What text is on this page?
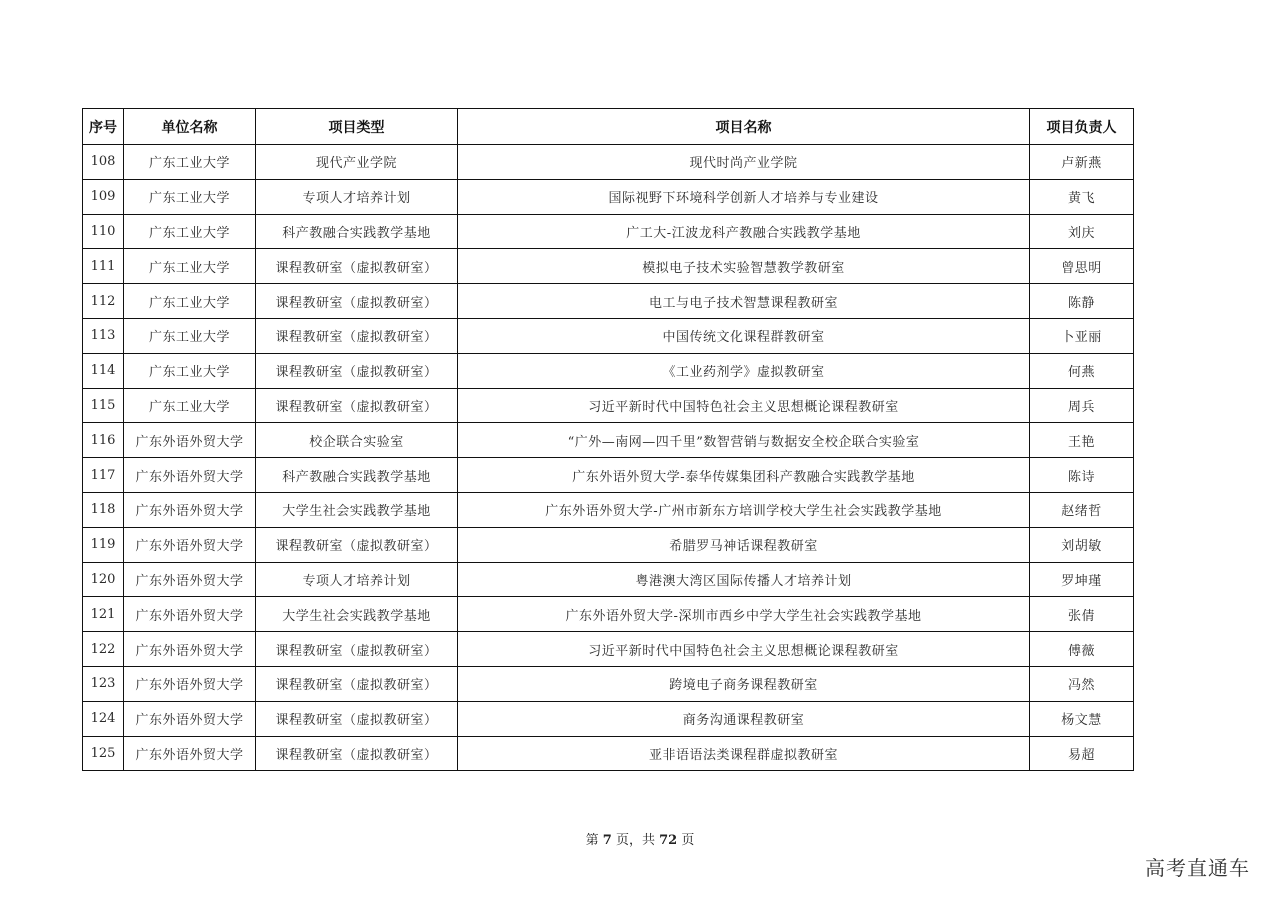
序号	单位名称	项目类型	项目名称	项目负责人
108	广东工业大学	现代产业学院	现代时尚产业学院	卢新燕
109	广东工业大学	专项人才培养计划	国际视野下环境科学创新人才培养与专业建设	黄飞
110	广东工业大学	科产教融合实践教学基地	广工大-江波龙科产教融合实践教学基地	刘庆
111	广东工业大学	课程教研室（虚拟教研室）	模拟电子技术实验智慧教学教研室	曾思明
112	广东工业大学	课程教研室（虚拟教研室）	电工与电子技术智慧课程教研室	陈静
113	广东工业大学	课程教研室（虚拟教研室）	中国传统文化课程群教研室	卜亚丽
114	广东工业大学	课程教研室（虚拟教研室）	《工业药剂学》虚拟教研室	何燕
115	广东工业大学	课程教研室（虚拟教研室）	习近平新时代中国特色社会主义思想概论课程教研室	周兵
116	广东外语外贸大学	校企联合实验室	“广外—南网—四千里”数智营销与数据安全校企联合实验室	王艳
117	广东外语外贸大学	科产教融合实践教学基地	广东外语外贸大学-泰华传媒集团科产教融合实践教学基地	陈诗
118	广东外语外贸大学	大学生社会实践教学基地	广东外语外贸大学-广州市新东方培训学校大学生社会实践教学基地	赵绪哲
119	广东外语外贸大学	课程教研室（虚拟教研室）	希腊罗马神话课程教研室	刘胡敏
120	广东外语外贸大学	专项人才培养计划	粤港澳大湾区国际传播人才培养计划	罗坤瑾
121	广东外语外贸大学	大学生社会实践教学基地	广东外语外贸大学-深圳市西乡中学大学生社会实践教学基地	张倩
122	广东外语外贸大学	课程教研室（虚拟教研室）	习近平新时代中国特色社会主义思想概论课程教研室	傅薇
123	广东外语外贸大学	课程教研室（虚拟教研室）	跨境电子商务课程教研室	冯然
124	广东外语外贸大学	课程教研室（虚拟教研室）	商务沟通课程教研室	杨文慧
125	广东外语外贸大学	课程教研室（虚拟教研室）	亚非语语法类课程群虚拟教研室	易超
第 7 页，共 72 页
高考直通车
